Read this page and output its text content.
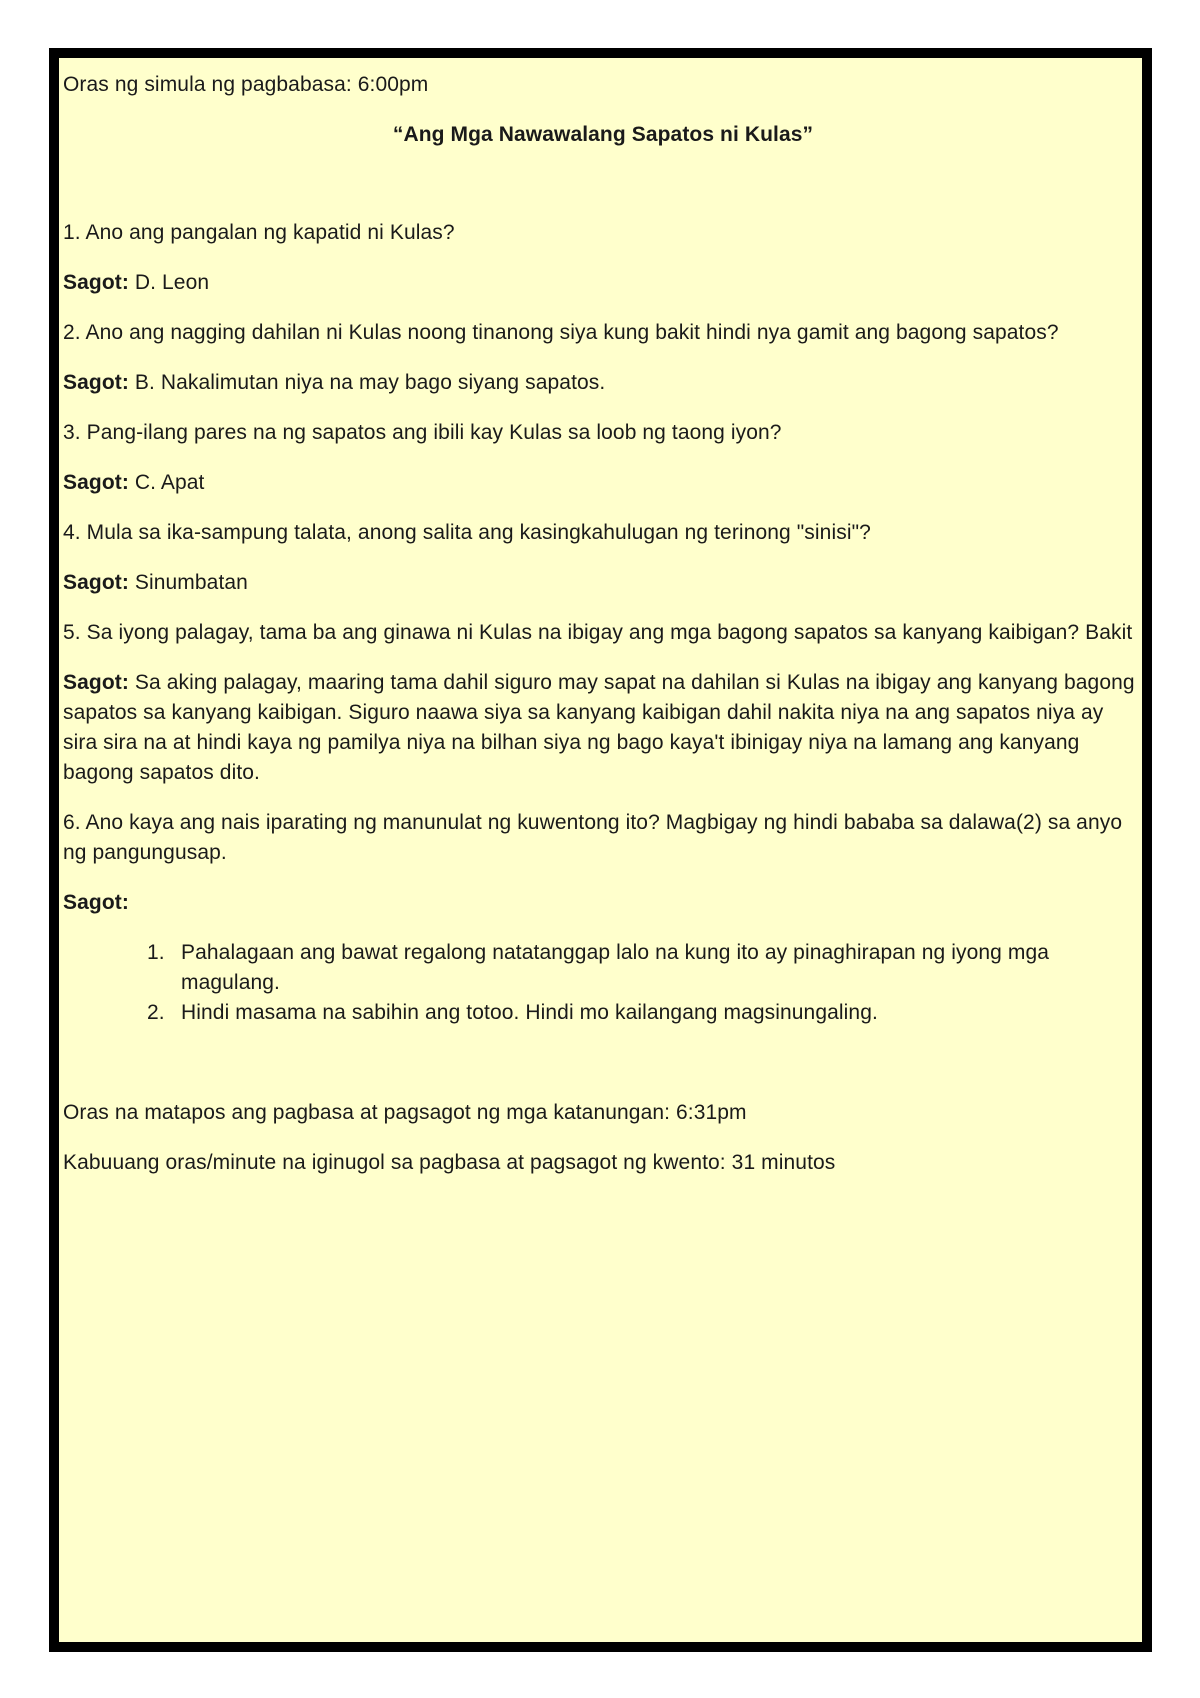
Oras ng simula ng pagbabasa: 6:00pm

“Ang Mga Nawawalang Sapatos ni Kulas”

1. Ano ang pangalan ng kapatid ni Kulas?

Sagot: D. Leon

2. Ano ang nagging dahilan ni Kulas noong tinanong siya kung bakit hindi nya gamit ang bagong sapatos?

Sagot: B. Nakalimutan niya na may bago siyang sapatos.

3. Pang-ilang pares na ng sapatos ang ibili kay Kulas sa loob ng taong iyon?

Sagot: C. Apat

4. Mula sa ika-sampung talata, anong salita ang kasingkahulugan ng terinong "sinisi"?

Sagot: Sinumbatan

5. Sa iyong palagay, tama ba ang ginawa ni Kulas na ibigay ang mga bagong sapatos sa kanyang kaibigan? Bakit

Sagot: Sa aking palagay, maaring tama dahil siguro may sapat na dahilan si Kulas na ibigay ang kanyang bagong sapatos sa kanyang kaibigan. Siguro naawa siya sa kanyang kaibigan dahil nakita niya na ang sapatos niya ay sira sira na at hindi kaya ng pamilya niya na bilhan siya ng bago kaya't ibinigay niya na lamang ang kanyang bagong sapatos dito.

6. Ano kaya ang nais iparating ng manunulat ng kuwentong ito? Magbigay ng hindi bababa sa dalawa(2) sa anyo ng pangungusap.

Sagot:

1. Pahalagaan ang bawat regalong natatanggap lalo na kung ito ay pinaghirapan ng iyong mga magulang.
2. Hindi masama na sabihin ang totoo. Hindi mo kailangang magsinungaling.

Oras na matapos ang pagbasa at pagsagot ng mga katanungan: 6:31pm

Kabuuang oras/minute na iginugol sa pagbasa at pagsagot ng kwento: 31 minutos
